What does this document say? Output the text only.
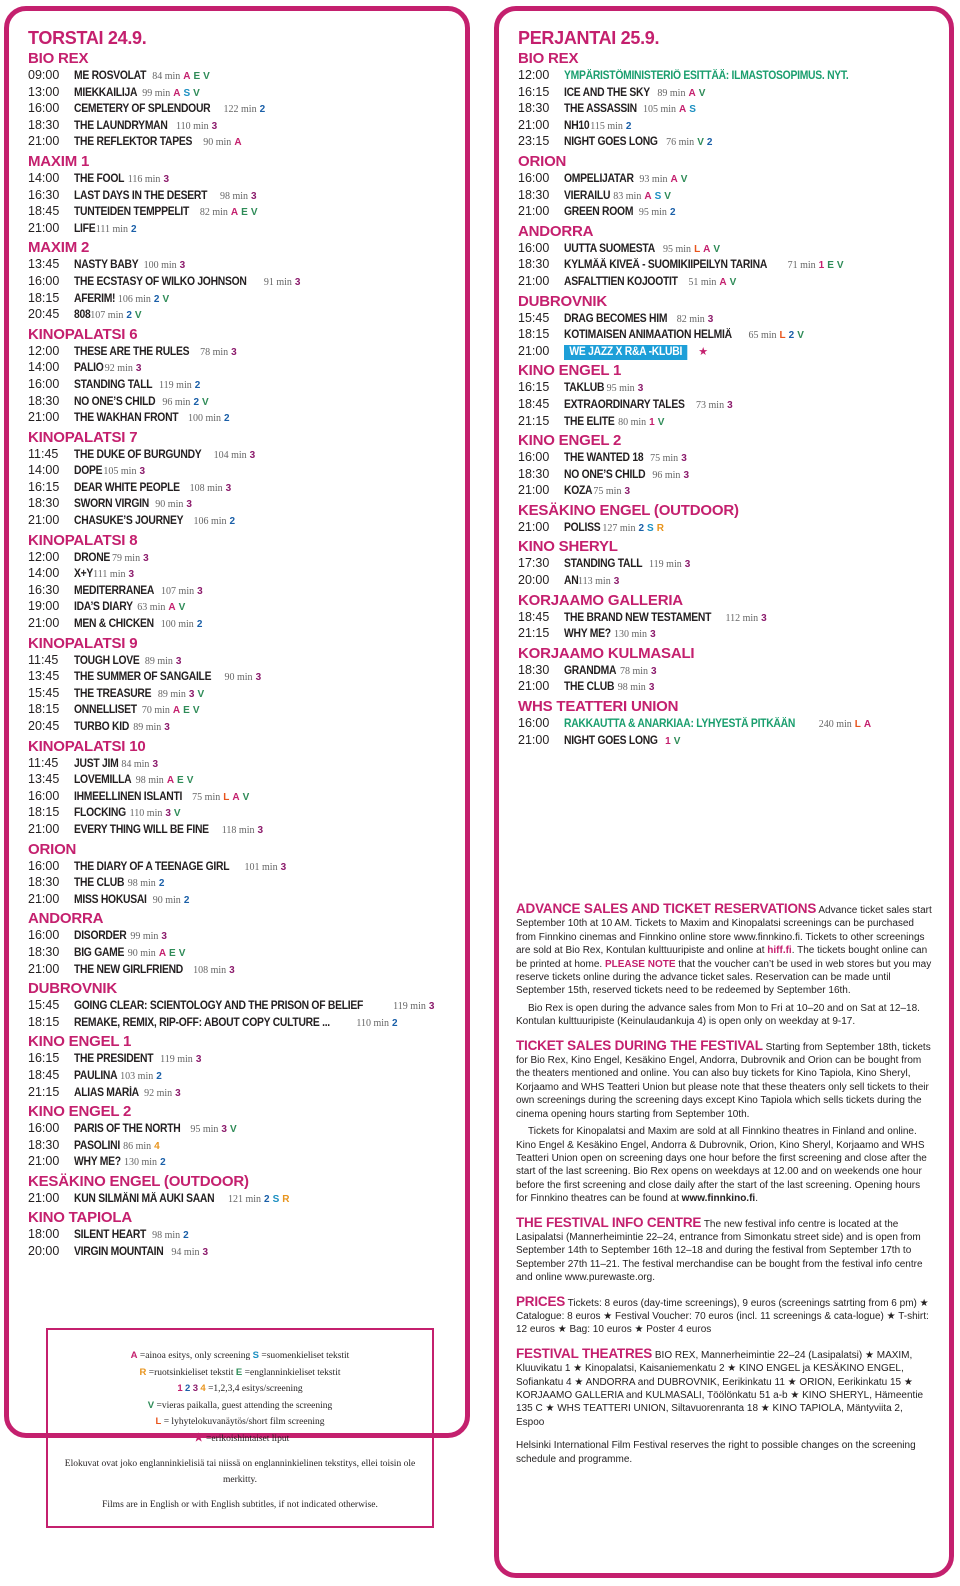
TORSTAI 24.9.
BIO REX
09:00	ME ROSVOLAT 84 min A E V
13:00	MIEKKAILIJA 99 min A S V
16:00	CEMETERY OF SPLENDOUR	122 min 2
18:30	THE LAUNDRYMAN 110 min 3
21:00	THE REFLEKTOR TAPES	90 min A
MAXIM 1
14:00	THE FOOL 116 min 3
16:30	LAST DAYS IN THE DESERT	98 min 3
18:45	TUNTEIDEN TEMPPELIT	82 min A E V
21:00	LIFE 111 min 2
MAXIM 2
13:45	NASTY BABY 100 min 3
16:00	THE ECSTASY OF WILKO JOHNSON	91 min 3
18:15	AFERIM! 106 min 2 V
20:45	808 107 min 2 V
KINOPALATSI 6
12:00	THESE ARE THE RULES	78 min 3
14:00	PALIO 92 min 3
16:00	STANDING TALL 119 min 2
18:30	NO ONE’S CHILD 96 min 2 V
21:00	THE WAKHAN FRONT 100 min 2
KINOPALATSI 7
11:45	THE DUKE OF BURGUNDY	104 min 3
14:00	DOPE 105 min 3
16:15	DEAR WHITE PEOPLE 108 min 3
18:30	SWORN VIRGIN 90 min 3
21:00	CHASUKE’S JOURNEY	106 min 2
KINOPALATSI 8
12:00	DRONE 79 min 3
14:00	X+Y 111 min 3
16:30	MEDITERRANEA 107 min 3
19:00	IDA’S DIARY 63 min A V
21:00	MEN & CHICKEN 100 min 2
KINOPALATSI 9
11:45	TOUGH LOVE 89 min 3
13:45	THE SUMMER OF SANGAILE	90 min 3
15:45	THE TREASURE 89 min 3 V
18:15	ONNELLISET 70 min A E V
20:45	TURBO KID 89 min 3
KINOPALATSI 10
11:45	JUST JIM 84 min 3
13:45	LOVEMILLA 98 min A E V
16:00	IHMEELLINEN ISLANTI	75 min L A V
18:15	FLOCKING 110 min 3 V
21:00	EVERY THING WILL BE FINE	118 min 3
ORION
16:00	THE DIARY OF A TEENAGE GIRL	101 min 3
18:30	THE CLUB 98 min 2
21:00	MISS HOKUSAI 90 min 2
ANDORRA
16:00	DISORDER 99 min 3
18:30	BIG GAME 90 min A E V
21:00	THE NEW GIRLFRIEND	108 min 3
DUBROVNIK
15:45	GOING CLEAR: SCIENTOLOGY AND THE PRISON OF BELIEF	119 min 3
18:15	REMAKE, REMIX, RIP-OFF: ABOUT COPY CULTURE ...	110 min 2
KINO ENGEL 1
16:15	THE PRESIDENT 119 min 3
18:45	PAULINA 103 min 2
21:15	ALIAS MARÍA 92 min 3
KINO ENGEL 2
16:00	PARIS OF THE NORTH 95 min 3 V
18:30	PASOLINI 86 min 4
21:00	WHY ME? 130 min 2
KESÄKINO ENGEL (OUTDOOR)
21:00	KUN SILMÄNI MÄ AUKI SAAN	121 min 2 S R
KINO TAPIOLA
18:00	SILENT HEART 98 min 2
20:00	VIRGIN MOUNTAIN 94 min 3
PERJANTAI 25.9.
BIO REX
12:00	YMPÄRISTÖMINISTERIÖ ESITTÄÄ: ILMASTOSOPIMUS. NYT.
16:15	ICE AND THE SKY 89 min A V
18:30	THE ASSASSIN 105 min A S
21:00	NH10 115 min 2
23:15	NIGHT GOES LONG 76 min V 2
ORION
16:00	OMPELIJATAR 93 min A V
18:30	VIERAILU 83 min A S V
21:00	GREEN ROOM 95 min 2
ANDORRA
16:00	UUTTA SUOMESTA 95 min L A V
18:30	KYLMÄÄ KIVEÄ - SUOMIKIIPEILYN TARINA	71 min 1 E V
21:00	ASFALTTIEN KOJOOTIT	51 min A V
DUBROVNIK
15:45	DRAG BECOMES HIM 82 min 3
18:15	KOTIMAISEN ANIMAATION HELMIÄ	65 min L 2 V
21:00	WE JAZZ X R&A -KLUBI	★
KINO ENGEL 1
16:15	TAKLUB 95 min 3
18:45	EXTRAORDINARY TALES	73 min 3
21:15	THE ELITE 80 min 1 V
KINO ENGEL 2
16:00	THE WANTED 18 75 min 3
18:30	NO ONE’S CHILD 96 min 3
21:00	KOZA 75 min 3
KESÄKINO ENGEL (OUTDOOR)
21:00	POLISS 127 min 2 S R
KINO SHERYL
17:30	STANDING TALL 119 min 3
20:00	AN 113 min 3
KORJAAMO GALLERIA
18:45	THE BRAND NEW TESTAMENT	112 min 3
21:15	WHY ME? 130 min 3
KORJAAMO KULMASALI
18:30	GRANDMA 78 min 3
21:00	THE CLUB 98 min 3
WHS TEATTERI UNION
16:00	RAKKAUTTA & ANARKIAA: LYHYESTÄ PITKÄÄN	240 min L A
21:00	NIGHT GOES LONG 1 V
A =ainoa esitys, only screening S =suomenkieliset tekstit
R =ruotsinkieliset tekstit E =englanninkieliset tekstit
1 2 3 4 =1,2,3,4 esitys/screening
V =vieras paikalla, guest attending the screening
L = lyhytelokuvanäytös/short film screening
★ =erikoishintaiset liput
Elokuvat ovat joko englanninkielisiä tai niissä on englanninkielinen tekstitys, ellei toisin ole merkitty.
Films are in English or with English subtitles, if not indicated otherwise.

ADVANCE SALES AND TICKET RESERVATIONS Advance ticket sales start September 10th at 10 AM. Tickets to Maxim and Kinopalatsi screenings can be purchased from Finnkino cinemas and Finnkino online store www.finnkino.fi. Tickets to other screenings are sold at Bio Rex, Kontulan kulttuuripiste and online at hiff.fi. The tickets bought online can be printed at home. PLEASE NOTE that the voucher can’t be used in web stores but you may reserve tickets online during the advance ticket sales. Reservation can be made until September 15th, reserved tickets need to be redeemed by September 16th.

Bio Rex is open during the advance sales from Mon to Fri at 10–20 and on Sat at 12–18. Kontulan kulttuuripiste (Keinulaudankuja 4) is open only on weekday at 9-17.

TICKET SALES DURING THE FESTIVAL Starting from September 18th, tickets for Bio Rex, Kino Engel, Kesäkino Engel, Andorra, Dubrovnik and Orion can be bought from the theaters mentioned and online. You can also buy tickets for Kino Tapiola, Kino Sheryl, Korjaamo and WHS Teatteri Union but please note that these theaters only sell tickets to their own screenings during the screening days except Kino Tapiola which sells tickets during the cinema opening hours starting from September 10th.

Tickets for Kinopalatsi and Maxim are sold at all Finnkino theatres in Finland and online. Kino Engel & Kesäkino Engel, Andorra & Dubrovnik, Orion, Kino Sheryl, Korjaamo and WHS Teatteri Union open on screening days one hour before the first screening and close after the start of the last screening. Bio Rex opens on weekdays at 12.00 and on weekends one hour before the first screening and close daily after the start of the last screening. Opening hours for Finnkino theatres can be found at www.finnkino.fi.

THE FESTIVAL INFO CENTRE The new festival info centre is located at the Lasipalatsi (Mannerheimintie 22–24, entrance from Simonkatu street side) and is open from September 14th to September 16th 12–18 and during the festival from September 17th to September 27th 11–21. The festival merchandise can be bought from the festival info centre and online www.purewaste.org.

PRICES Tickets: 8 euros (day-time screenings), 9 euros (screenings satrting from 6 pm) ★ Catalogue: 8 euros ★ Festival Voucher: 70 euros (incl. 11 screenings & cata-logue) ★ T-shirt: 12 euros ★ Bag: 10 euros ★ Poster 4 euros

FESTIVAL THEATRES BIO REX, Mannerheimintie 22–24 (Lasipalatsi) ★ MAXIM, Kluuvikatu 1 ★ Kinopalatsi, Kaisaniemenkatu 2 ★ KINO ENGEL ja KESÄKINO ENGEL, Sofiankatu 4 ★ ANDORRA and DUBROVNIK, Eerikinkatu 11 ★ ORION, Eerikinkatu 15 ★ KORJAAMO GALLERIA and KULMASALI, Töölönkatu 51 a-b ★ KINO SHERYL, Hämeentie 135 C ★ WHS TEATTERI UNION, Siltavuorenranta 18 ★ KINO TAPIOLA, Mäntyviita 2, Espoo

Helsinki International Film Festival reserves the right to possible changes on the screening schedule and programme.
